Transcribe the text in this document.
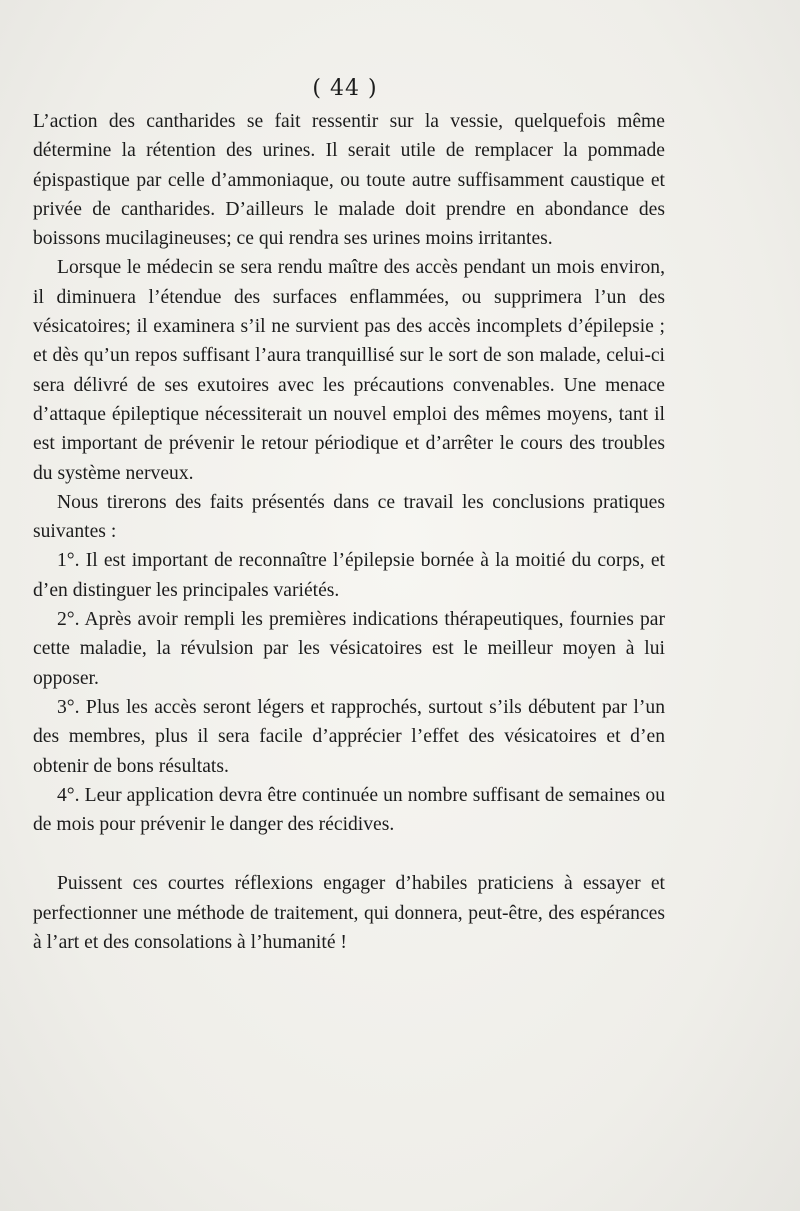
( 44 )

L’action des cantharides se fait ressentir sur la vessie, quelquefois même détermine la rétention des urines. Il serait utile de remplacer la pommade épispastique par celle d’ammoniaque, ou toute autre suffisamment caustique et privée de cantharides. D’ailleurs le malade doit prendre en abondance des boissons mucilagineuses; ce qui rendra ses urines moins irritantes.

Lorsque le médecin se sera rendu maître des accès pendant un mois environ, il diminuera l’étendue des surfaces enflammées, ou supprimera l’un des vésicatoires; il examinera s’il ne survient pas des accès incomplets d’épilepsie ; et dès qu’un repos suffisant l’aura tranquillisé sur le sort de son malade, celui-ci sera délivré de ses exutoires avec les précautions convenables. Une menace d’attaque épileptique nécessiterait un nouvel emploi des mêmes moyens, tant il est important de prévenir le retour périodique et d’arrêter le cours des troubles du système nerveux.

Nous tirerons des faits présentés dans ce travail les conclusions pratiques suivantes :

1°. Il est important de reconnaître l’épilepsie bornée à la moitié du corps, et d’en distinguer les principales variétés.

2°. Après avoir rempli les premières indications thérapeutiques, fournies par cette maladie, la révulsion par les vésicatoires est le meilleur moyen à lui opposer.

3°. Plus les accès seront légers et rapprochés, surtout s’ils débutent par l’un des membres, plus il sera facile d’apprécier l’effet des vésicatoires et d’en obtenir de bons résultats.

4°. Leur application devra être continuée un nombre suffisant de semaines ou de mois pour prévenir le danger des récidives.

Puissent ces courtes réflexions engager d’habiles praticiens à essayer et perfectionner une méthode de traitement, qui donnera, peut-être, des espérances à l’art et des consolations à l’humanité !
